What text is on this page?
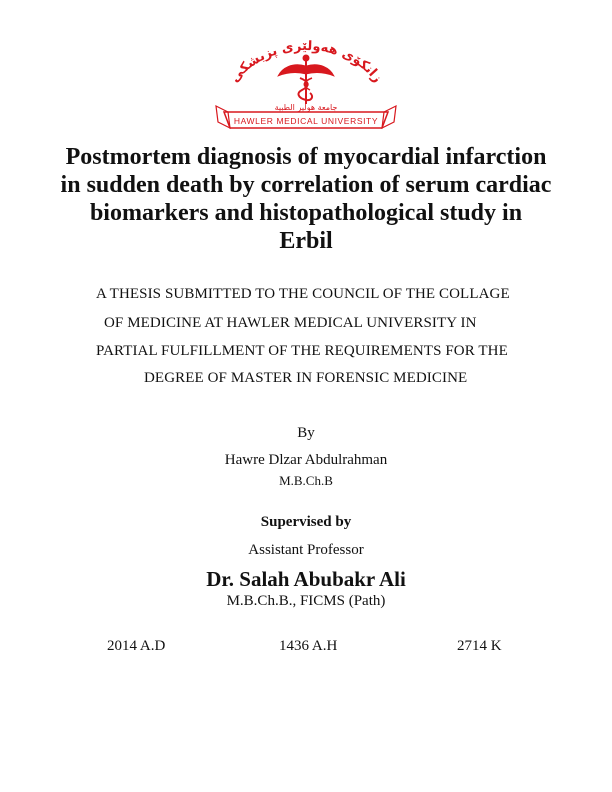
زانکۆی هەولێری پزیشکی
جامعة هولير الطبية
HAWLER MEDICAL UNIVERSITY
Postmortem diagnosis of myocardial infarction
in sudden death by correlation of serum cardiac
biomarkers and histopathological study in
Erbil
A THESIS SUBMITTED TO THE COUNCIL OF THE COLLAGE
OF MEDICINE AT HAWLER MEDICAL UNIVERSITY IN
PARTIAL FULFILLMENT OF THE REQUIREMENTS FOR THE
DEGREE OF MASTER IN FORENSIC MEDICINE
By
Hawre Dlzar Abdulrahman
M.B.Ch.B
Supervised by
Assistant Professor
Dr. Salah Abubakr Ali
M.B.Ch.B., FICMS (Path)
2014 A.D	1436 A.H	2714 K
